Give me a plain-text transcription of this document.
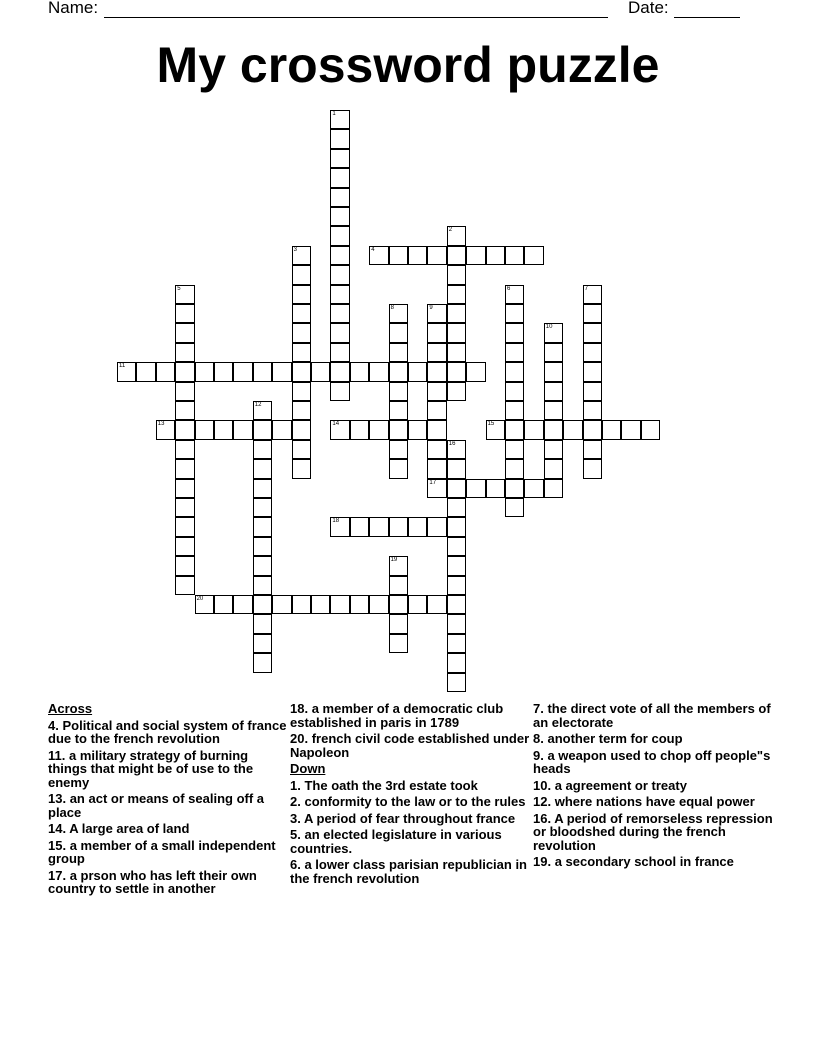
Name:	Date:
My crossword puzzle
1
2
3	4
5	6	7
8	9
17
10
11
12
13	14	15
16
18
19
20
Across
4. Political and social system of france due to the french revolution
11. a military strategy of burning things that might be of use to the enemy
13. an act or means of sealing off a place
14. A large area of land
15. a member of a small independent group
17. a prson who has left their own country to settle in another
18. a member of a democratic club established in paris in 1789
20. french civil code established under Napoleon
Down
1. The oath the 3rd estate took
2. conformity to the law or to the rules
3. A period of fear throughout france
5. an elected legislature in various countries.
6. a lower class parisian republician in the french revolution
7. the direct vote of all the members of an electorate
8. another term for coup
9. a weapon used to chop off people"s heads
10. a agreement or treaty
12. where nations have equal power
16. A period of remorseless repression or bloodshed during the french revolution
19. a secondary school in france
